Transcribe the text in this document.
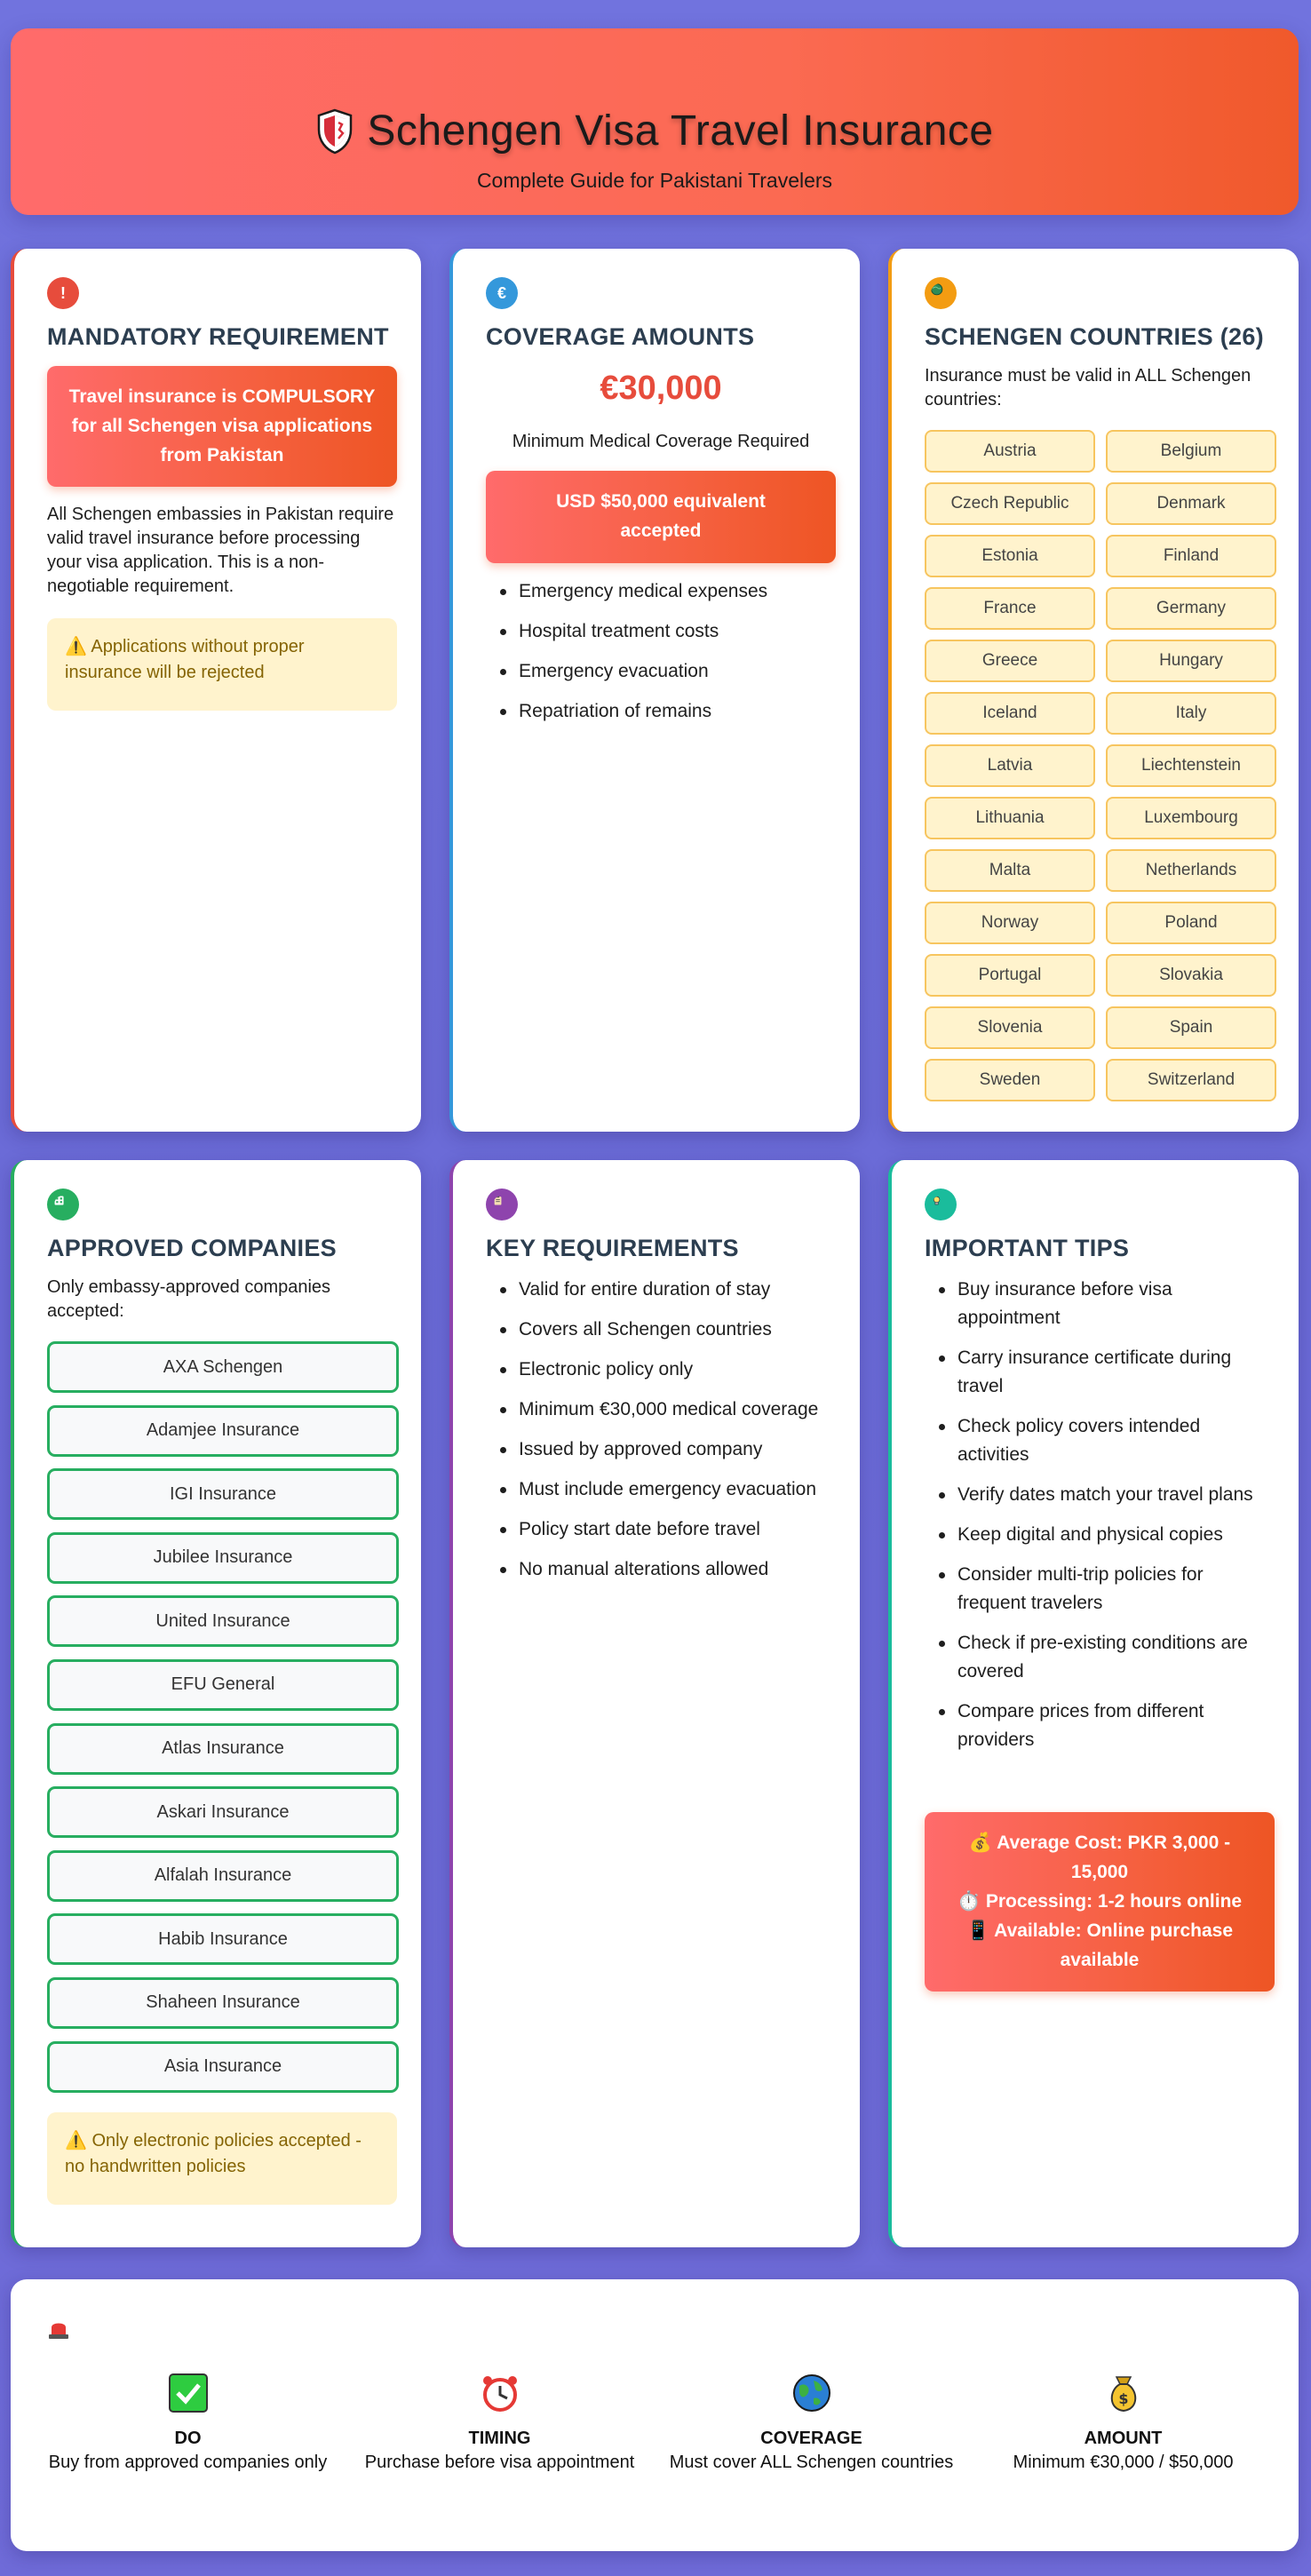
Schengen Visa Travel Insurance
Complete Guide for Pakistani Travelers
!
MANDATORY REQUIREMENT
Travel insurance is COMPULSORY for all Schengen visa applications from Pakistan
All Schengen embassies in Pakistan require valid travel insurance before processing your visa application. This is a non-negotiable requirement.
⚠️ Applications without proper insurance will be rejected
€
COVERAGE AMOUNTS
€30,000
Minimum Medical Coverage Required
USD $50,000 equivalent accepted
Emergency medical expenses
Hospital treatment costs
Emergency evacuation
Repatriation of remains
SCHENGEN COUNTRIES (26)
Insurance must be valid in ALL Schengen countries:
Austria	Belgium
Czech Republic	Denmark
Estonia	Finland
France	Germany
Greece	Hungary
Iceland	Italy
Latvia	Liechtenstein
Lithuania	Luxembourg
Malta	Netherlands
Norway	Poland
Portugal	Slovakia
Slovenia	Spain
Sweden	Switzerland
APPROVED COMPANIES
Only embassy-approved companies accepted:
AXA Schengen
Adamjee Insurance
IGI Insurance
Jubilee Insurance
United Insurance
EFU General
Atlas Insurance
Askari Insurance
Alfalah Insurance
Habib Insurance
Shaheen Insurance
Asia Insurance
⚠️ Only electronic policies accepted - no handwritten policies
KEY REQUIREMENTS
Valid for entire duration of stay
Covers all Schengen countries
Electronic policy only
Minimum €30,000 medical coverage
Issued by approved company
Must include emergency evacuation
Policy start date before travel
No manual alterations allowed
IMPORTANT TIPS
Buy insurance before visa appointment
Carry insurance certificate during travel
Check policy covers intended activities
Verify dates match your travel plans
Keep digital and physical copies
Consider multi-trip policies for frequent travelers
Check if pre-existing conditions are covered
Compare prices from different providers
💰 Average Cost: PKR 3,000 - 15,000
⏱️ Processing: 1-2 hours online
📱 Available: Online purchase available
DO
Buy from approved companies only
TIMING
Purchase before visa appointment
COVERAGE
Must cover ALL Schengen countries
$
AMOUNT
Minimum €30,000 / $50,000
